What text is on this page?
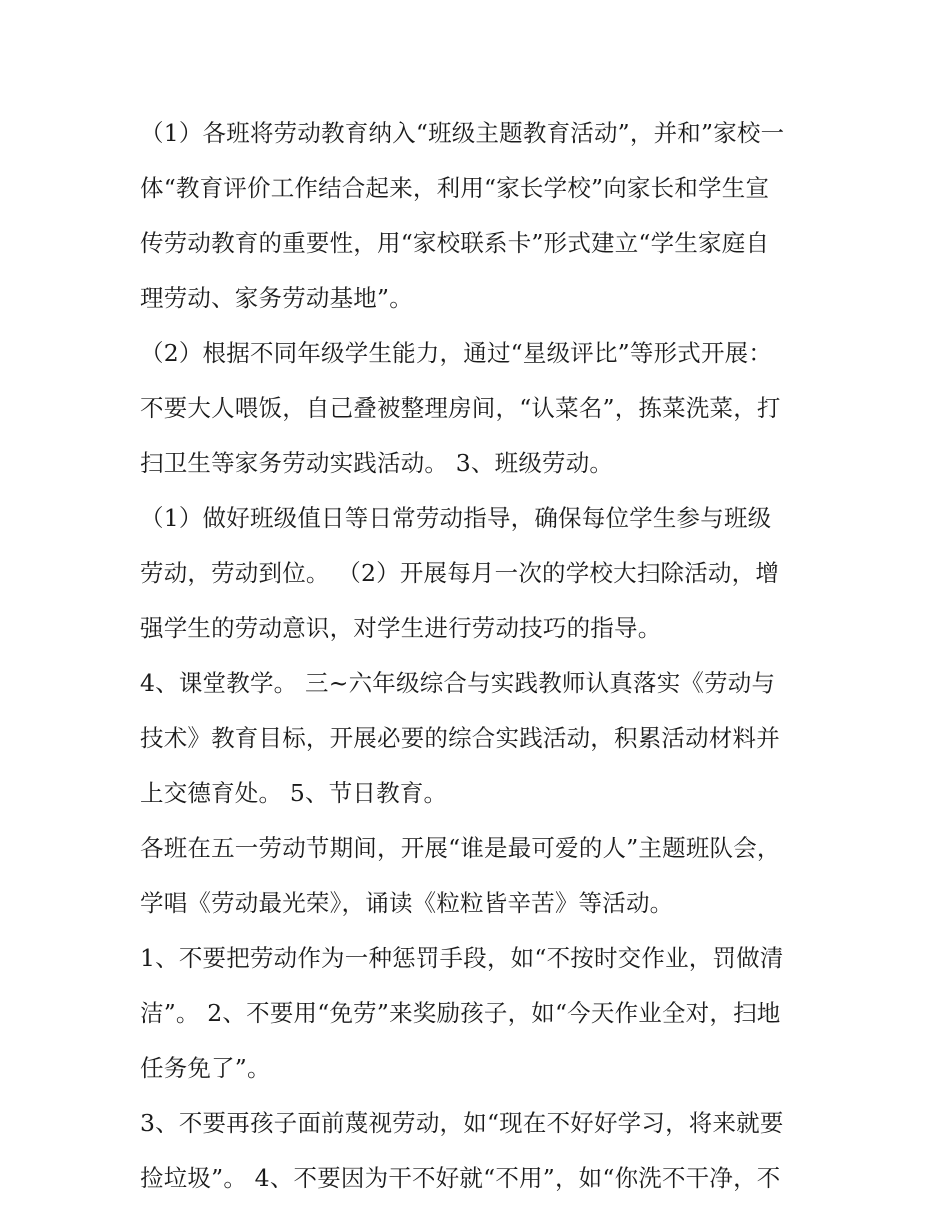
（1）各班将劳动教育纳入“班级主题教育活动”，并和”家校一
体“教育评价工作结合起来，利用“家长学校”向家长和学生宣
传劳动教育的重要性，用“家校联系卡”形式建立“学生家庭自
理劳动、家务劳动基地”。
（2）根据不同年级学生能力，通过“星级评比”等形式开展：
不要大人喂饭，自己叠被整理房间，“认菜名”，拣菜洗菜，打
扫卫生等家务劳动实践活动。 3、班级劳动。
（1）做好班级值日等日常劳动指导，确保每位学生参与班级
劳动，劳动到位。 （2）开展每月一次的学校大扫除活动，增
强学生的劳动意识，对学生进行劳动技巧的指导。
4、课堂教学。 三~六年级综合与实践教师认真落实《劳动与
技术》教育目标，开展必要的综合实践活动，积累活动材料并
上交德育处。 5、节日教育。
各班在五一劳动节期间，开展“谁是最可爱的人”主题班队会，
学唱《劳动最光荣》，诵读《粒粒皆辛苦》等活动。
1、不要把劳动作为一种惩罚手段，如“不按时交作业，罚做清
洁”。 2、不要用“免劳”来奖励孩子，如“今天作业全对，扫地
任务免了”。
3、不要再孩子面前蔑视劳动，如“现在不好好学习，将来就要
捡垃圾”。 4、不要因为干不好就“不用”，如“你洗不干净，不
